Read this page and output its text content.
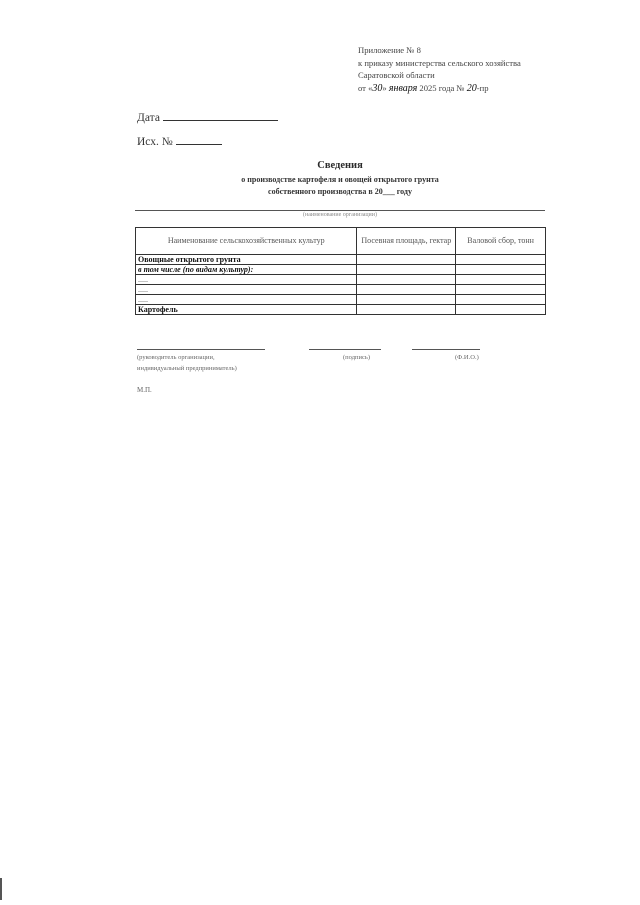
Приложение № 8
к приказу министерства сельского хозяйства
Саратовской области
от «30» января 2025 года № 20-пр
Дата
Исх. №
Сведения
о производстве картофеля и овощей открытого грунта
собственного производства в 20___ году
(наименование организации)
Наименование сельскохозяйственных культур	Посевная площадь, гектар	Валовой сбор, тонн
Овощные открытого грунта		
в том числе (по видам культур):		
.....		
.....		
.....		
Картофель		
(руководитель организации,
индивидуальный предприниматель)
(подпись)	(Ф.И.О.)
М.П.
